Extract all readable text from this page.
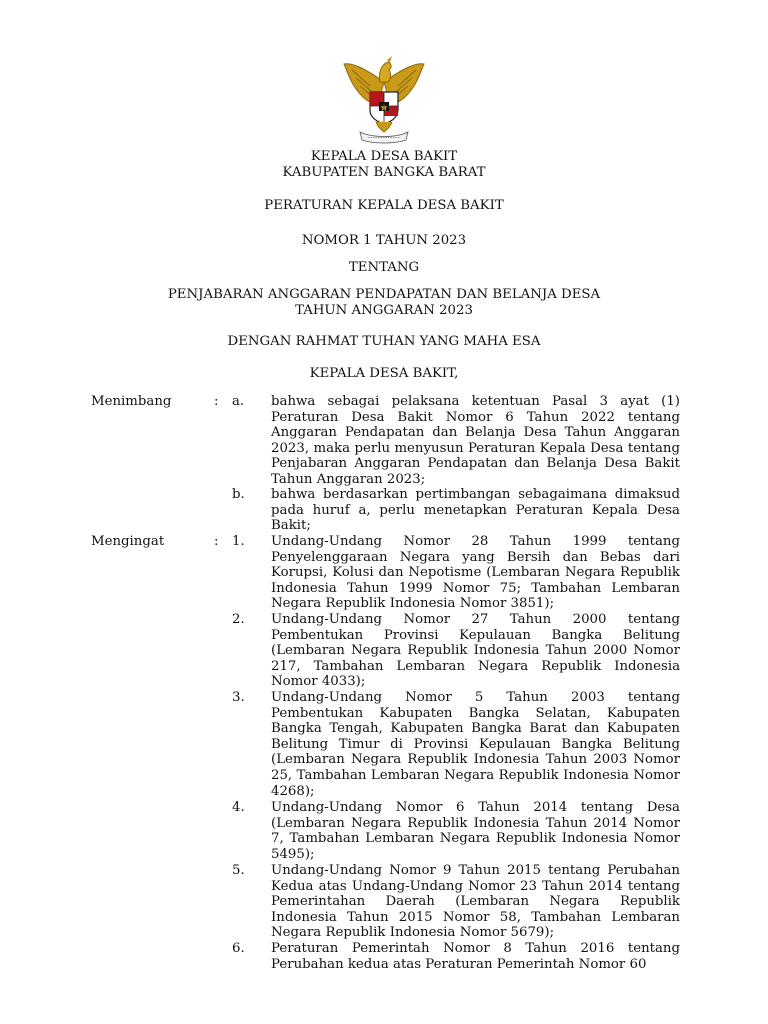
KEPALA DESA BAKIT
KABUPATEN BANGKA BARAT
PERATURAN KEPALA DESA BAKIT
NOMOR 1 TAHUN 2023
TENTANG
PENJABARAN ANGGARAN PENDAPATAN DAN BELANJA DESA
TAHUN ANGGARAN 2023
DENGAN RAHMAT TUHAN YANG MAHA ESA
KEPALA DESA BAKIT,
Menimbang	: a. bahwa sebagai pelaksana ketentuan Pasal 3 ayat (1) Peraturan Desa Bakit Nomor 6 Tahun 2022 tentang Anggaran Pendapatan dan Belanja Desa Tahun Anggaran 2023, maka perlu menyusun Peraturan Kepala Desa tentang Penjabaran Anggaran Pendapatan dan Belanja Desa Bakit Tahun Anggaran 2023;
b. bahwa berdasarkan pertimbangan sebagaimana dimaksud pada huruf a, perlu menetapkan Peraturan Kepala Desa Bakit;
Mengingat	: 1. Undang-Undang Nomor 28 Tahun 1999 tentang Penyelenggaraan Negara yang Bersih dan Bebas dari Korupsi, Kolusi dan Nepotisme (Lembaran Negara Republik Indonesia Tahun 1999 Nomor 75; Tambahan Lembaran Negara Republik Indonesia Nomor 3851);
2. Undang-Undang Nomor 27 Tahun 2000 tentang Pembentukan Provinsi Kepulauan Bangka Belitung (Lembaran Negara Republik Indonesia Tahun 2000 Nomor 217, Tambahan Lembaran Negara Republik Indonesia Nomor 4033);
3. Undang-Undang Nomor 5 Tahun 2003 tentang Pembentukan Kabupaten Bangka Selatan, Kabupaten Bangka Tengah, Kabupaten Bangka Barat dan Kabupaten Belitung Timur di Provinsi Kepulauan Bangka Belitung (Lembaran Negara Republik Indonesia Tahun 2003 Nomor 25, Tambahan Lembaran Negara Republik Indonesia Nomor 4268);
4. Undang-Undang Nomor 6 Tahun 2014 tentang Desa (Lembaran Negara Republik Indonesia Tahun 2014 Nomor 7, Tambahan Lembaran Negara Republik Indonesia Nomor 5495);
5. Undang-Undang Nomor 9 Tahun 2015 tentang Perubahan Kedua atas Undang-Undang Nomor 23 Tahun 2014 tentang Pemerintahan Daerah (Lembaran Negara Republik Indonesia Tahun 2015 Nomor 58, Tambahan Lembaran Negara Republik Indonesia Nomor 5679);
6. Peraturan Pemerintah Nomor 8 Tahun 2016 tentang Perubahan kedua atas Peraturan Pemerintah Nomor 60
